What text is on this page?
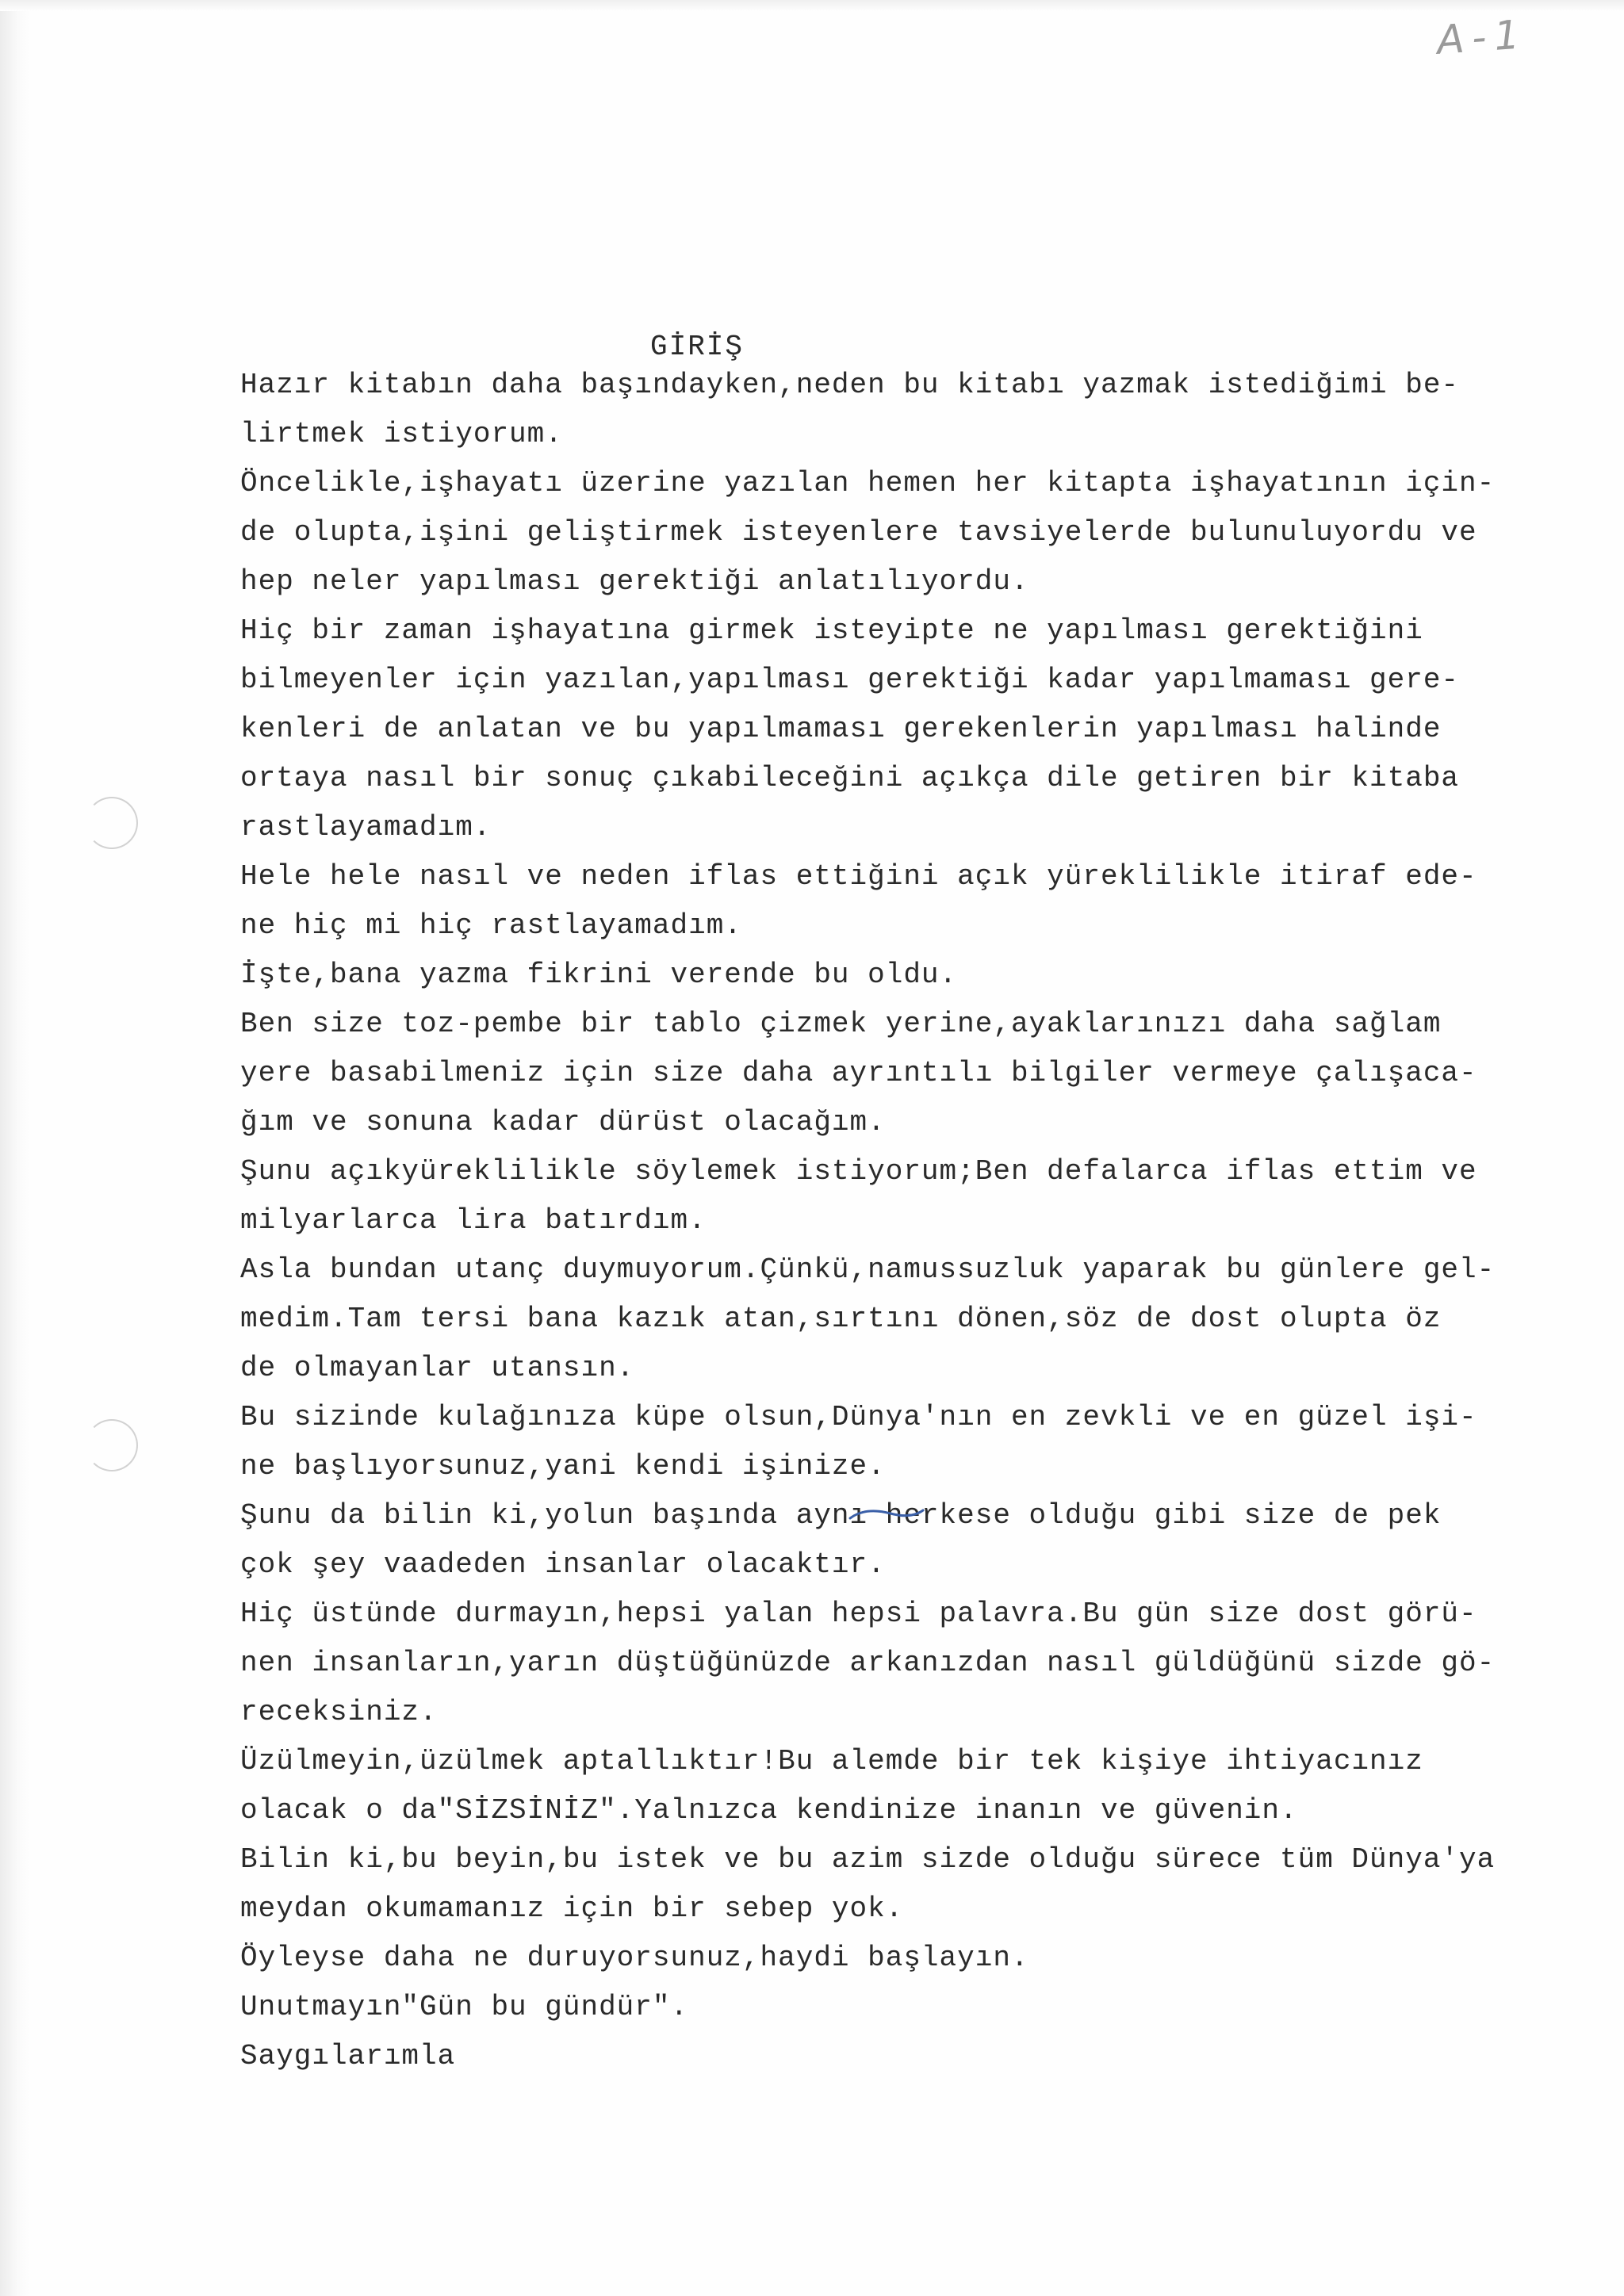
A-1
GİRİŞ
Hazır kitabın daha başındayken,neden bu kitabı yazmak istediğimi be-
lirtmek istiyorum.
Öncelikle,işhayatı üzerine yazılan hemen her kitapta işhayatının için-
de olupta,işini geliştirmek isteyenlere tavsiyelerde bulunuluyordu ve
hep neler yapılması gerektiği anlatılıyordu.
Hiç bir zaman işhayatına girmek isteyipte ne yapılması gerektiğini
bilmeyenler için yazılan,yapılması gerektiği kadar yapılmaması gere-
kenleri de anlatan ve bu yapılmaması gerekenlerin yapılması halinde
ortaya nasıl bir sonuç çıkabileceğini açıkça dile getiren bir kitaba
rastlayamadım.
Hele hele nasıl ve neden iflas ettiğini açık yüreklilikle itiraf ede-
ne hiç mi hiç rastlayamadım.
İşte,bana yazma fikrini verende bu oldu.
Ben size toz-pembe bir tablo çizmek yerine,ayaklarınızı daha sağlam
yere basabilmeniz için size daha ayrıntılı bilgiler vermeye çalışaca-
ğım ve sonuna kadar dürüst olacağım.
Şunu açıkyüreklilikle söylemek istiyorum;Ben defalarca iflas ettim ve
milyarlarca lira batırdım.
Asla bundan utanç duymuyorum.Çünkü,namussuzluk yaparak bu günlere gel-
medim.Tam tersi bana kazık atan,sırtını dönen,söz de dost olupta öz
de olmayanlar utansın.
Bu sizinde kulağınıza küpe olsun,Dünya'nın en zevkli ve en güzel işi-
ne başlıyorsunuz,yani kendi işinize.
Şunu da bilin ki,yolun başında aynı herkese olduğu gibi size de pek
çok şey vaadeden insanlar olacaktır.
Hiç üstünde durmayın,hepsi yalan hepsi palavra.Bu gün size dost görü-
nen insanların,yarın düştüğünüzde arkanızdan nasıl güldüğünü sizde gö-
receksiniz.
Üzülmeyin,üzülmek aptallıktır!Bu alemde bir tek kişiye ihtiyacınız
olacak o da"SİZSİNİZ".Yalnızca kendinize inanın ve güvenin.
Bilin ki,bu beyin,bu istek ve bu azim sizde olduğu sürece tüm Dünya'ya
meydan okumamanız için bir sebep yok.
Öyleyse daha ne duruyorsunuz,haydi başlayın.
Unutmayın"Gün bu gündür".
Saygılarımla
